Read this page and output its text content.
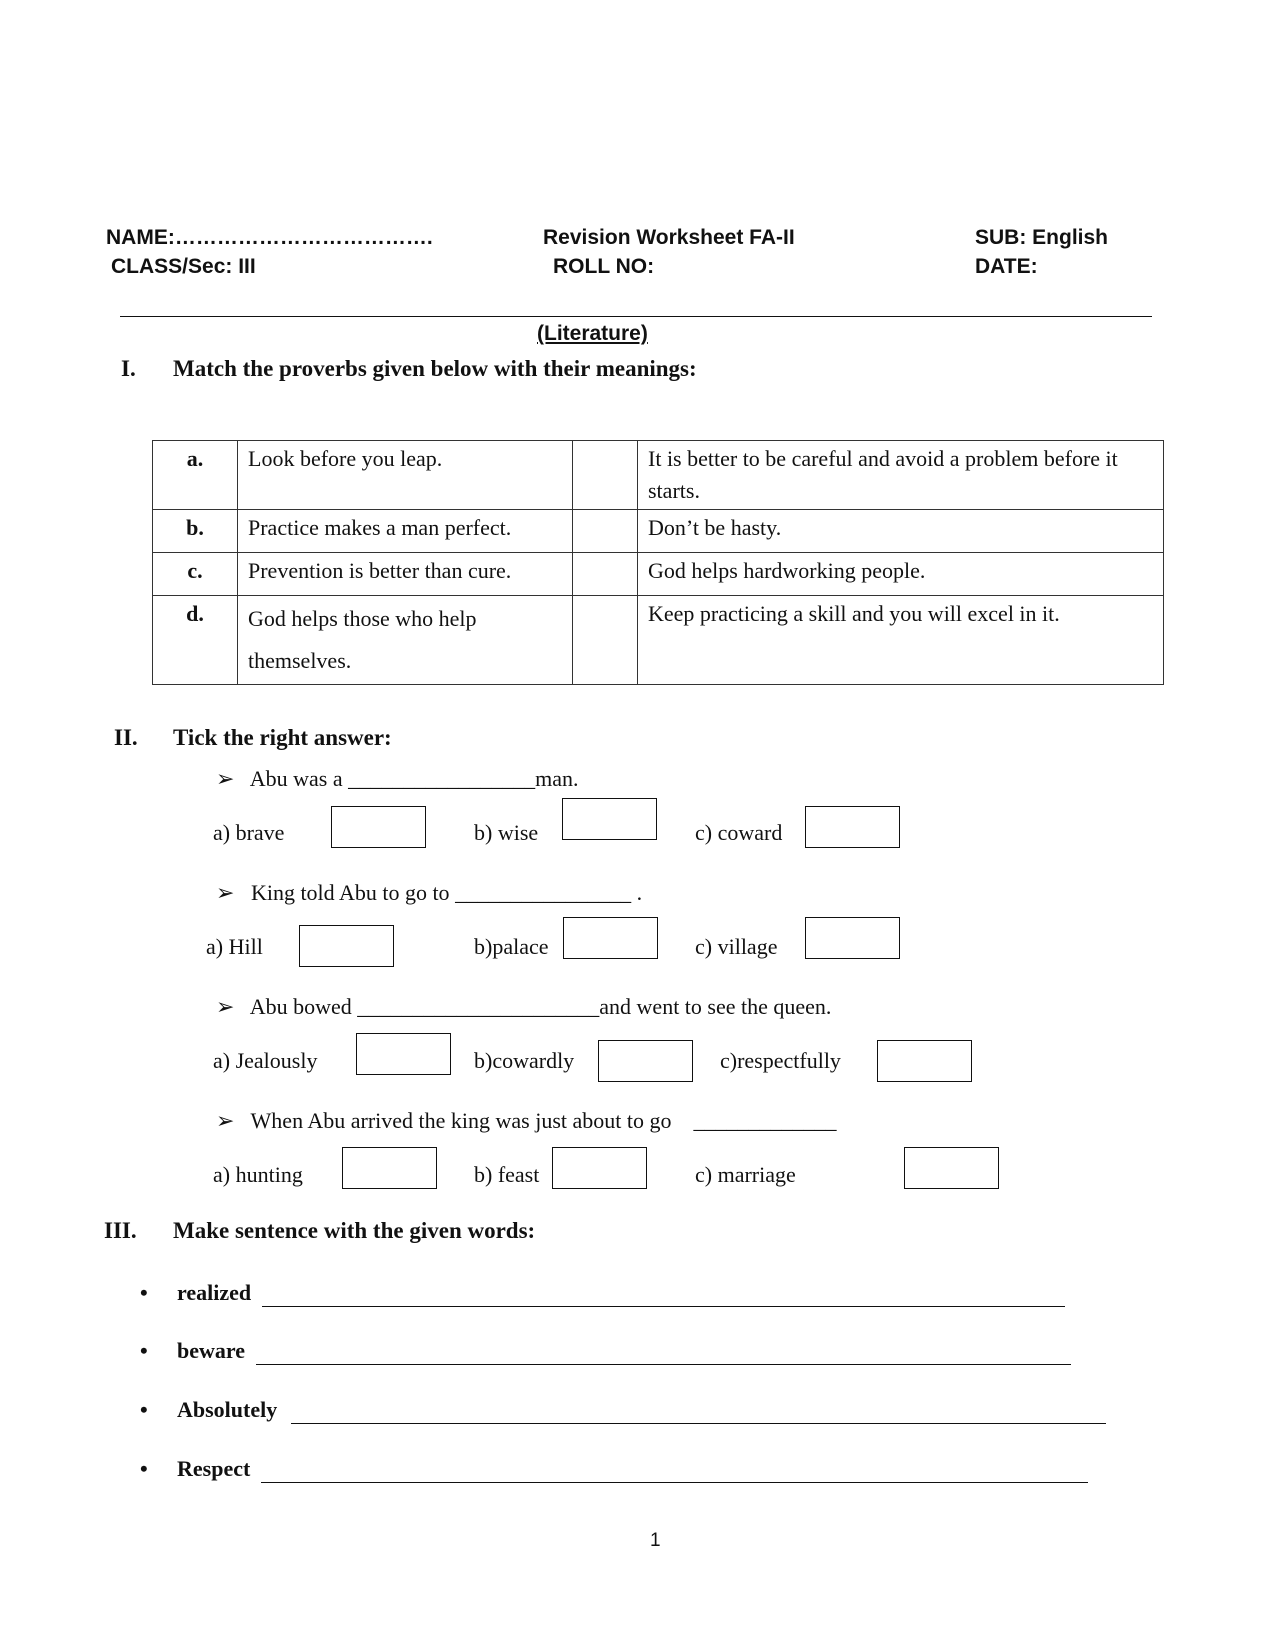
NAME:……………………………….
CLASS/Sec: III
Revision Worksheet FA-II
ROLL NO:
SUB: English
DATE:
(Literature)
I. Match the proverbs given below with their meanings:
a.	Look before you leap.		It is better to be careful and avoid a problem before it starts.
b.	Practice makes a man perfect.		Don’t be hasty.
c.	Prevention is better than cure.		God helps hardworking people.
d.	God helps those who help themselves.		Keep practicing a skill and you will excel in it.
II. Tick the right answer:
➢ Abu was a _________________man.
a) brave	b) wise	c) coward
➢ King told Abu to go to ________________ .
a) Hill	b)palace	c) village
➢ Abu bowed ______________________and went to see the queen.
a) Jealously	b)cowardly	c)respectfully
➢ When Abu arrived the king was just about to go _____________
a) hunting	b) feast	c) marriage
III. Make sentence with the given words:
• realized
• beware
• Absolutely
• Respect
1
